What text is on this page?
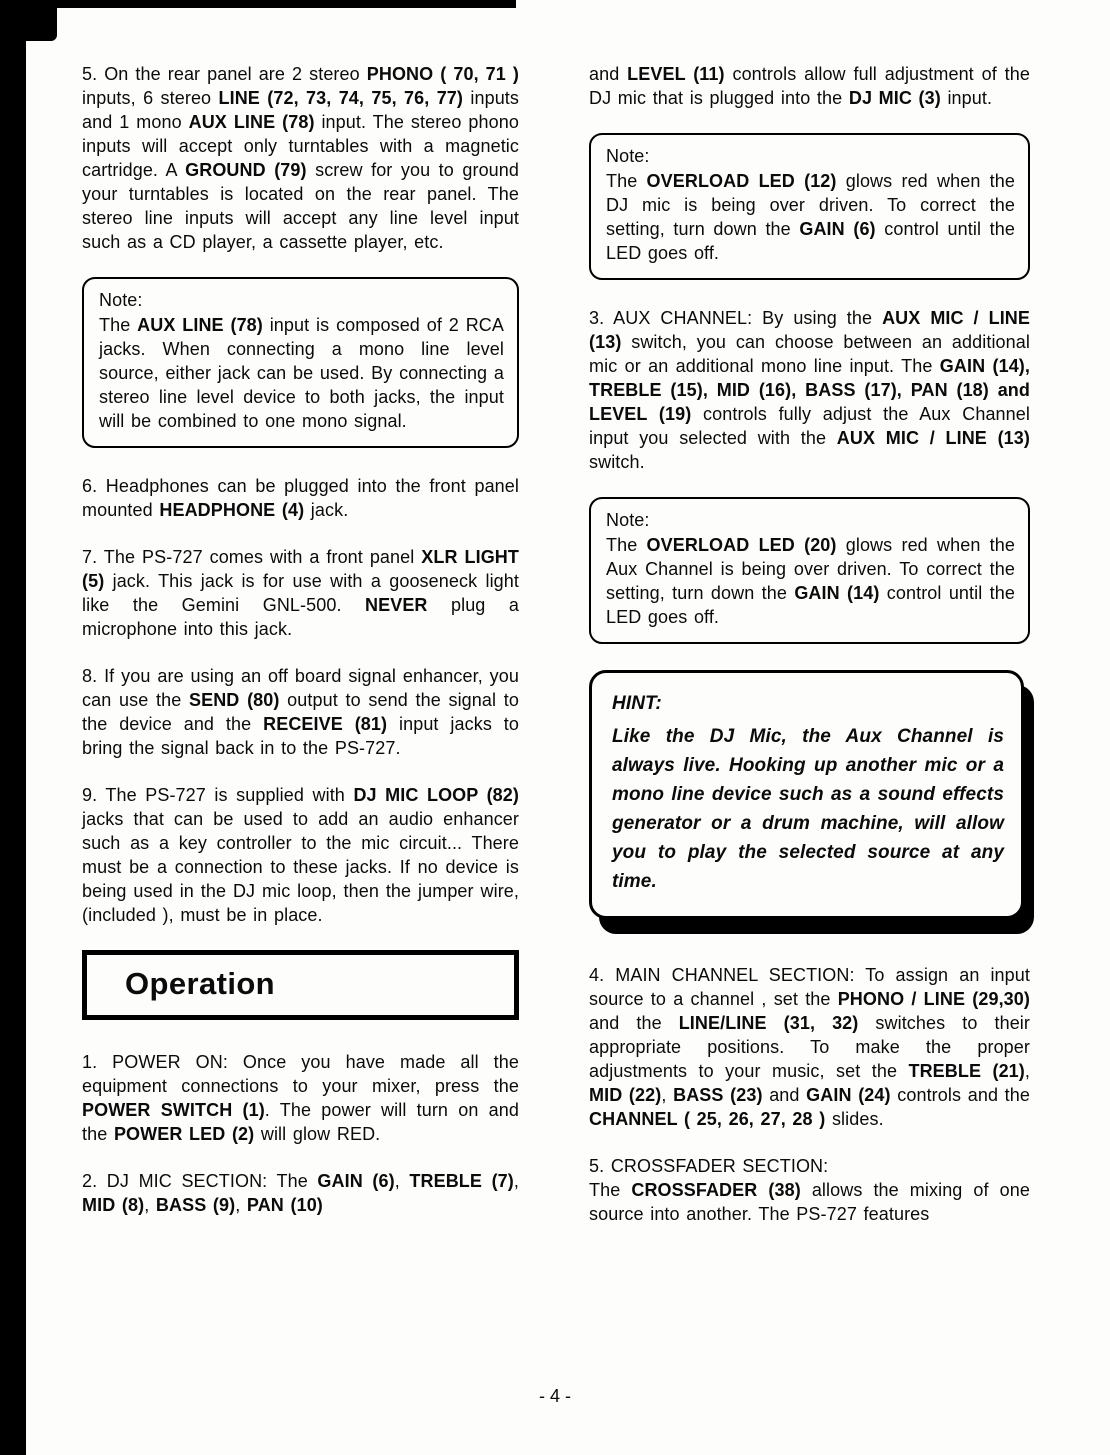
5. On the rear panel are 2 stereo PHONO ( 70, 71 ) inputs, 6 stereo LINE (72, 73, 74, 75, 76, 77) inputs and 1 mono AUX LINE (78) input. The stereo phono inputs will accept only turntables with a magnetic cartridge. A GROUND (79) screw for you to ground your turntables is located on the rear panel. The stereo line inputs will accept any line level input such as a CD player, a cassette player, etc.

Note:

The AUX LINE (78) input is composed of 2 RCA jacks. When connecting a mono line level source, either jack can be used. By connecting a stereo line level device to both jacks, the input will be combined to one mono signal.

6. Headphones can be plugged into the front panel mounted HEADPHONE (4) jack.

7. The PS-727 comes with a front panel XLR LIGHT (5) jack. This jack is for use with a gooseneck light like the Gemini GNL-500. NEVER plug a microphone into this jack.

8. If you are using an off board signal enhancer, you can use the SEND (80) output to send the signal to the device and the RECEIVE (81) input jacks to bring the signal back in to the PS-727.

9. The PS-727 is supplied with DJ MIC LOOP (82) jacks that can be used to add an audio enhancer such as a key controller to the mic circuit... There must be a connection to these jacks. If no device is being used in the DJ mic loop, then the jumper wire, (included ), must be in place.

Operation

1. POWER ON: Once you have made all the equipment connections to your mixer, press the POWER SWITCH (1). The power will turn on and the POWER LED (2) will glow RED.

2. DJ MIC SECTION: The GAIN (6), TREBLE (7), MID (8), BASS (9), PAN (10)

and LEVEL (11) controls allow full adjustment of the DJ mic that is plugged into the DJ MIC (3) input.

Note:

The OVERLOAD LED (12) glows red when the DJ mic is being over driven. To correct the setting, turn down the GAIN (6) control until the LED goes off.

3. AUX CHANNEL: By using the AUX MIC / LINE (13) switch, you can choose between an additional mic or an additional mono line input. The GAIN (14), TREBLE (15), MID (16), BASS (17), PAN (18) and LEVEL (19) controls fully adjust the Aux Channel input you selected with the AUX MIC / LINE (13) switch.

Note:

The OVERLOAD LED (20) glows red when the Aux Channel is being over driven. To correct the setting, turn down the GAIN (14) control until the LED goes off.

HINT:

Like the DJ Mic, the Aux Channel is always live. Hooking up another mic or a mono line device such as a sound effects generator or a drum machine, will allow you to play the selected source at any time.

4. MAIN CHANNEL SECTION: To assign an input source to a channel , set the PHONO / LINE (29,30) and the LINE/LINE (31, 32) switches to their appropriate positions. To make the proper adjustments to your music, set the TREBLE (21), MID (22), BASS (23) and GAIN (24) controls and the CHANNEL ( 25, 26, 27, 28 ) slides.

5. CROSSFADER SECTION:
The CROSSFADER (38) allows the mixing of one source into another. The PS-727 features

- 4 -
